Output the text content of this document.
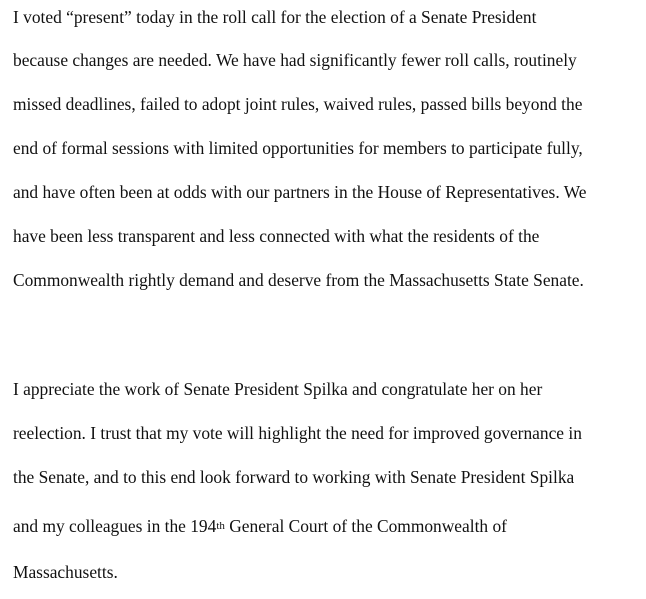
I voted “present” today in the roll call for the election of a Senate President
because changes are needed. We have had significantly fewer roll calls, routinely
missed deadlines, failed to adopt joint rules, waived rules, passed bills beyond the
end of formal sessions with limited opportunities for members to participate fully,
and have often been at odds with our partners in the House of Representatives. We
have been less transparent and less connected with what the residents of the
Commonwealth rightly demand and deserve from the Massachusetts State Senate.
I appreciate the work of Senate President Spilka and congratulate her on her
reelection. I trust that my vote will highlight the need for improved governance in
the Senate, and to this end look forward to working with Senate President Spilka
and my colleagues in the 194th General Court of the Commonwealth of
Massachusetts.
